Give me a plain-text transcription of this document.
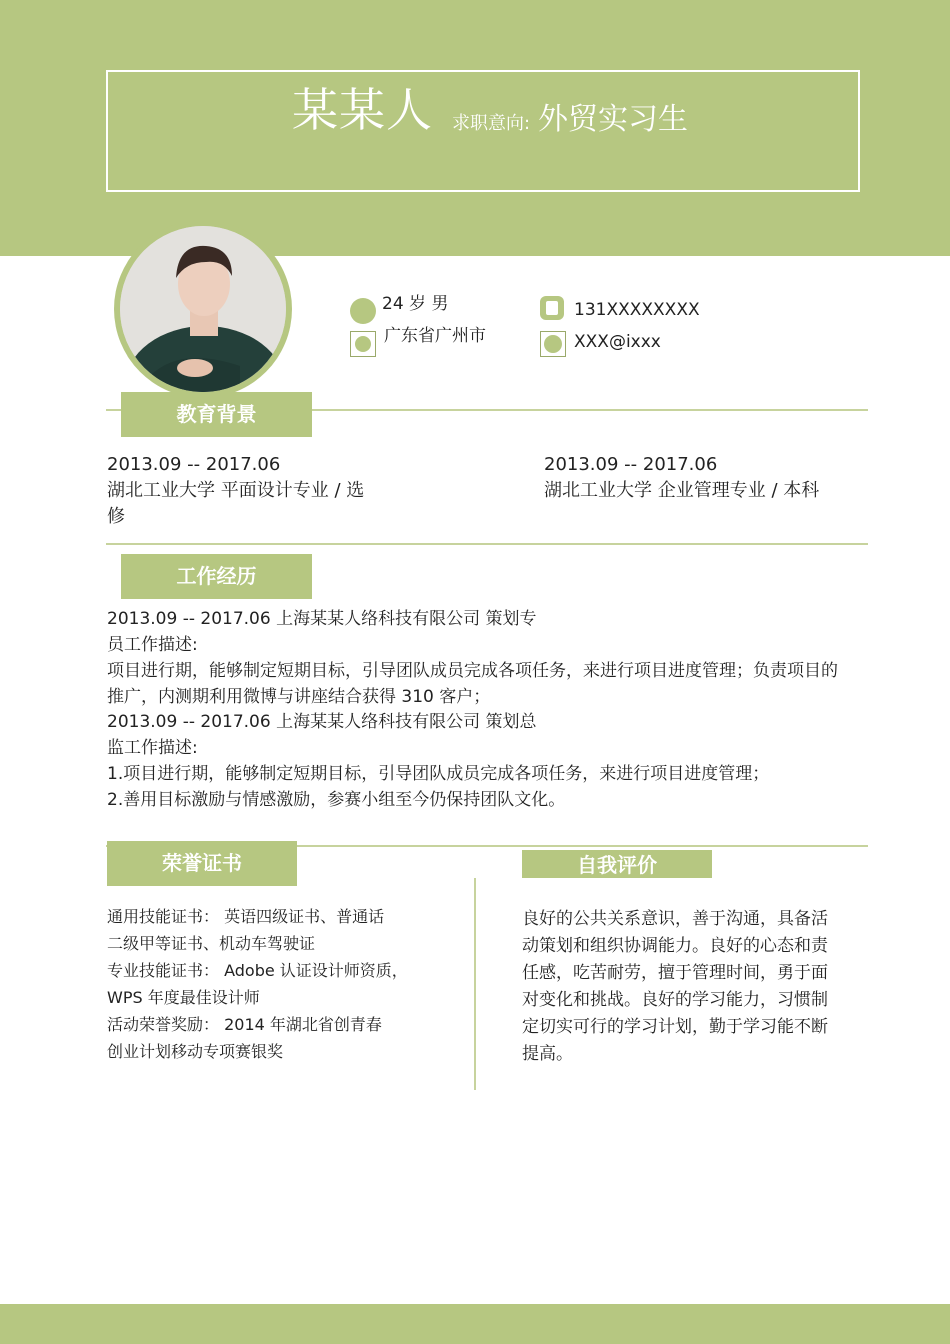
某某人 求职意向: 外贸实习生
24 岁 男
广东省广州市
131XXXXXXXX
XXX@ixxx
教育背景
2013.09 -- 2017.06
湖北工业大学 平面设计专业 / 选
修
2013.09 -- 2017.06
湖北工业大学 企业管理专业 / 本科
工作经历
2013.09 -- 2017.06 上海某某人络科技有限公司 策划专
员工作描述:
项目进行期，能够制定短期目标，引导团队成员完成各项任务，来进行项目进度管理；负责项目的
推广，内测期利用微博与讲座结合获得 310 客户；
2013.09 -- 2017.06 上海某某人络科技有限公司 策划总
监工作描述:
1.项目进行期，能够制定短期目标，引导团队成员完成各项任务，来进行项目进度管理；
2.善用目标激励与情感激励，参赛小组至今仍保持团队文化。
荣誉证书	自我评价
通用技能证书： 英语四级证书、普通话
二级甲等证书、机动车驾驶证
专业技能证书： Adobe 认证设计师资质，
WPS 年度最佳设计师
活动荣誉奖励： 2014 年湖北省创青春
创业计划移动专项赛银奖
良好的公共关系意识，善于沟通，具备活
动策划和组织协调能力。良好的心态和责
任感，吃苦耐劳，擅于管理时间，勇于面
对变化和挑战。良好的学习能力，习惯制
定切实可行的学习计划，勤于学习能不断
提高。
